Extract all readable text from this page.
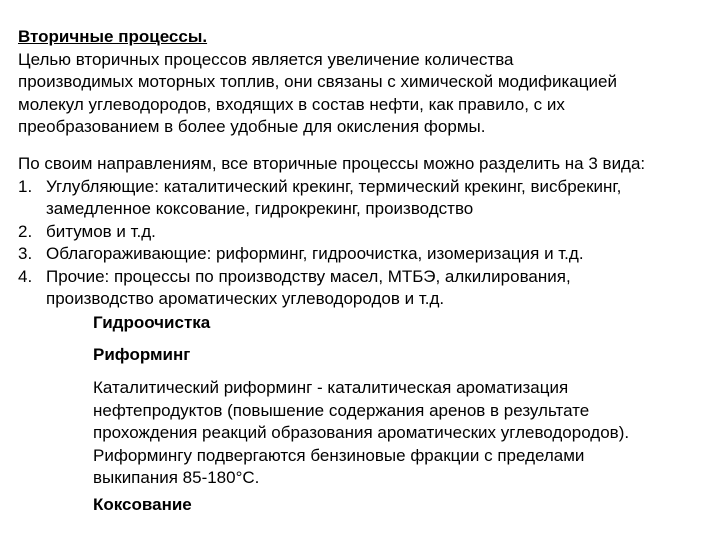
Вторичные процессы.
Целью вторичных процессов является увеличение количества
производимых моторных топлив, они связаны с химической модификацией
молекул углеводородов, входящих в состав нефти, как правило, с их
преобразованием в более удобные для окисления формы.
По своим направлениям, все вторичные процессы можно разделить на 3 вида:
1. Углубляющие: каталитический крекинг, термический крекинг, висбрекинг,
замедленное коксование, гидрокрекинг, производство
2. битумов и т.д.
3. Облагораживающие: риформинг, гидроочистка, изомеризация и т.д.
4. Прочие: процессы по производству масел, МТБЭ, алкилирования,
производство ароматических углеводородов и т.д.
Гидроочистка
Риформинг
Каталитический риформинг - каталитическая ароматизация
нефтепродуктов (повышение содержания аренов в результате
прохождения реакций образования ароматических углеводородов).
Риформингу подвергаются бензиновые фракции с пределами
выкипания 85-180°С.
Коксование
